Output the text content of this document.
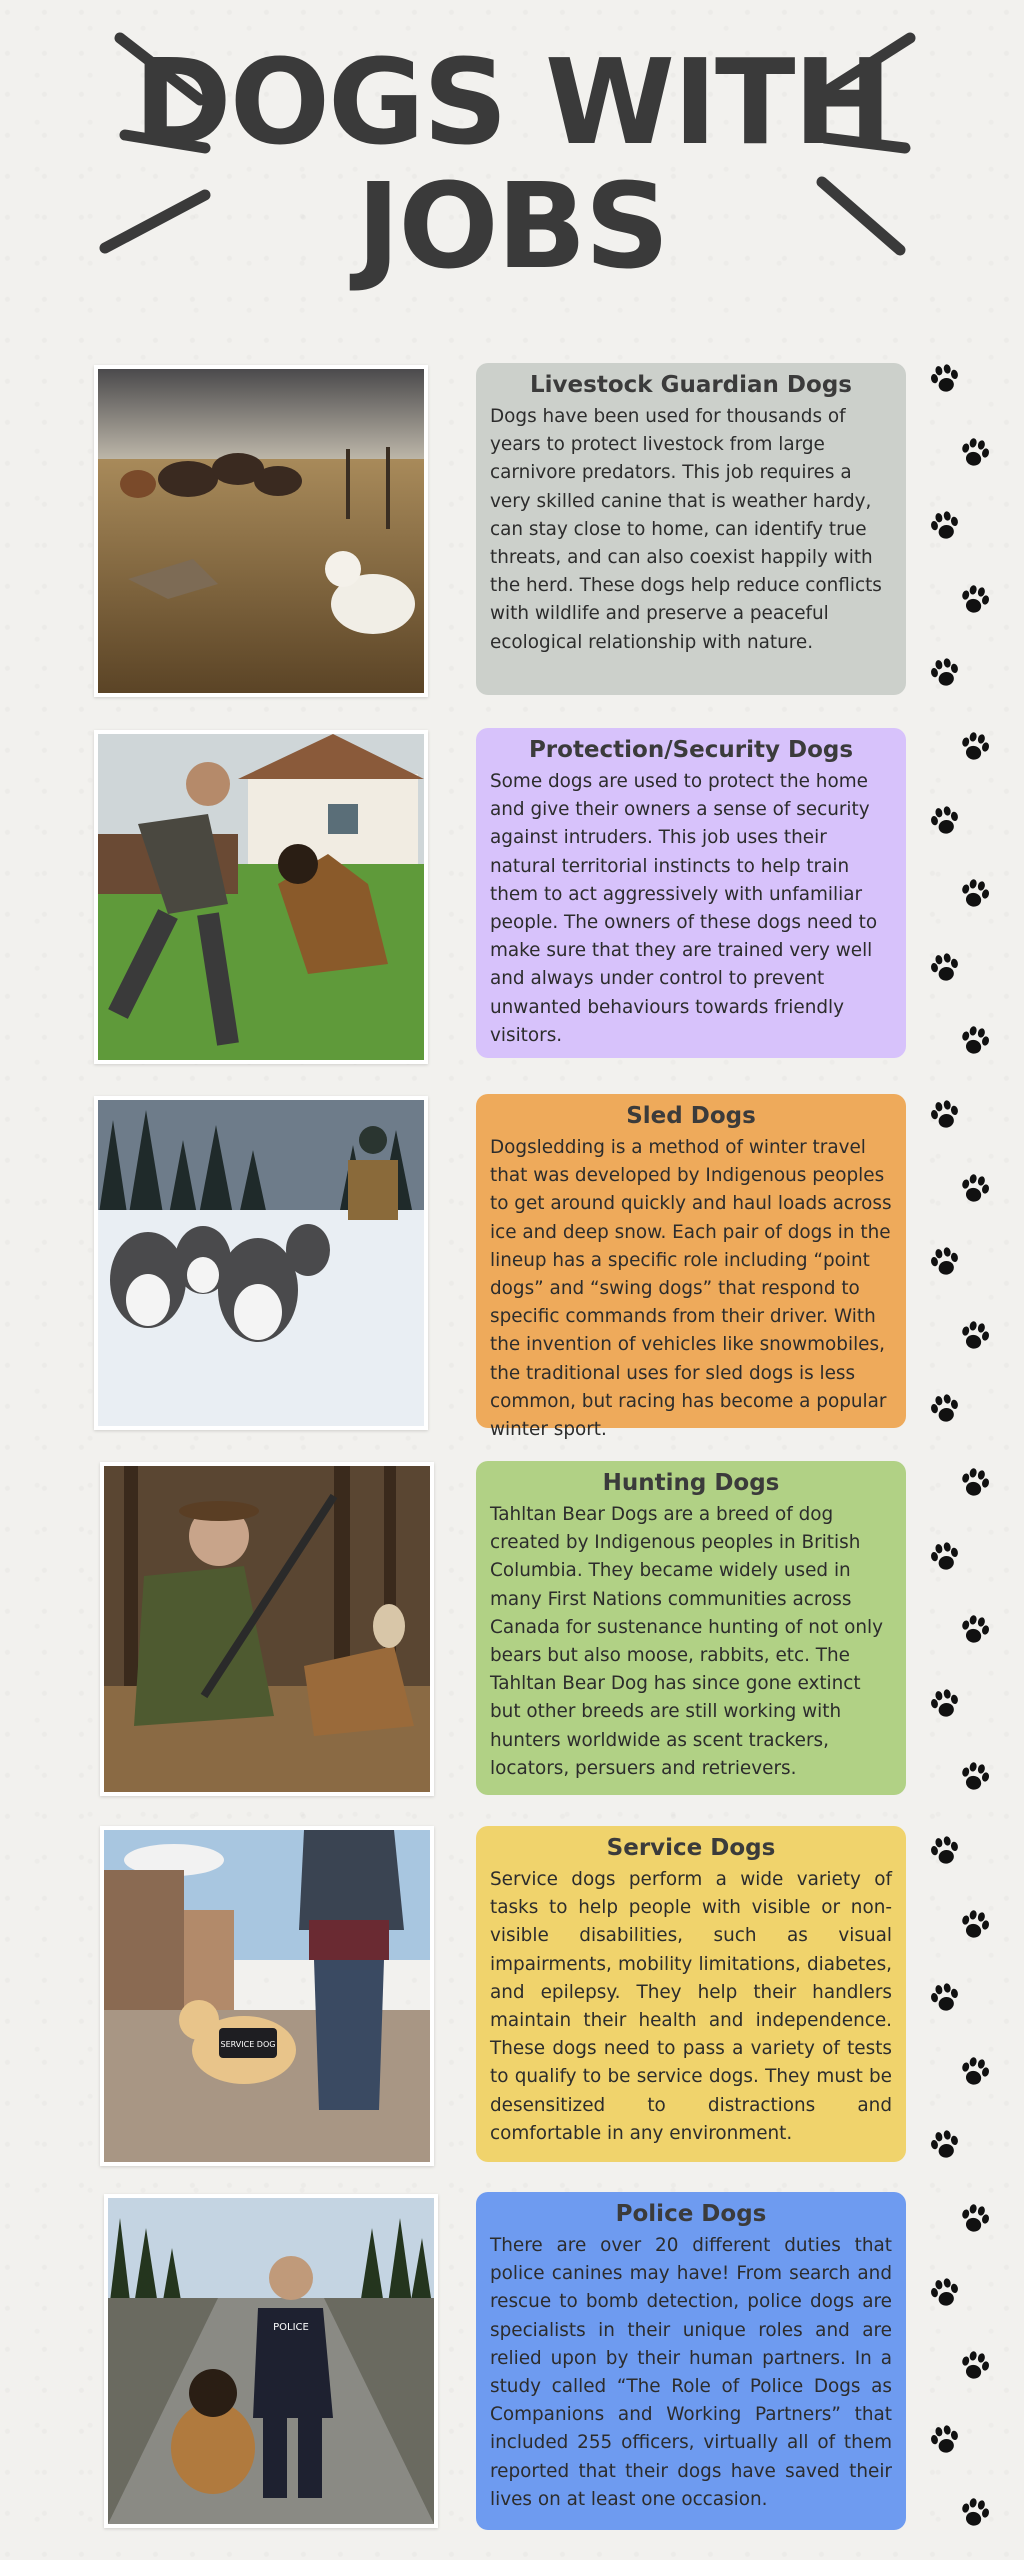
DOGS WITH
JOBS
Livestock Guardian Dogs

Dogs have been used for thousands of years to protect livestock from large carnivore predators. This job requires a very skilled canine that is weather hardy, can stay close to home, can identify true threats, and can also coexist happily with the herd. These dogs help reduce conflicts with wildlife and preserve a peaceful ecological relationship with nature.

Protection/Security Dogs

Some dogs are used to protect the home and give their owners a sense of security against intruders. This job uses their natural territorial instincts to help train them to act aggressively with unfamiliar people. The owners of these dogs need to make sure that they are trained very well and always under control to prevent unwanted behaviours towards friendly visitors.

Sled Dogs

Dogsledding is a method of winter travel that was developed by Indigenous peoples to get around quickly and haul loads across ice and deep snow. Each pair of dogs in the lineup has a specific role including “point dogs” and “swing dogs” that respond to specific commands from their driver. With the invention of vehicles like snowmobiles, the traditional uses for sled dogs is less common, but racing has become a popular winter sport.

Hunting Dogs

Tahltan Bear Dogs are a breed of dog created by Indigenous peoples in British Columbia. They became widely used in many First Nations communities across Canada for sustenance hunting of not only bears but also moose, rabbits, etc. The Tahltan Bear Dog has since gone extinct but other breeds are still working with hunters worldwide as scent trackers, locators, persuers and retrievers.

SERVICE DOG
Service Dogs

Service dogs perform a wide variety of tasks to help people with visible or non-visible disabilities, such as visual impairments, mobility limitations, diabetes, and epilepsy. They help their handlers maintain their health and independence. These dogs need to pass a variety of tests to qualify to be service dogs. They must be desensitized to distractions and comfortable in any environment.

POLICE
Police Dogs

There are over 20 different duties that police canines may have! From search and rescue to bomb detection, police dogs are specialists in their unique roles and are relied upon by their human partners. In a study called “The Role of Police Dogs as Companions and Working Partners” that included 255 officers, virtually all of them reported that their dogs have saved their lives on at least one occasion.
